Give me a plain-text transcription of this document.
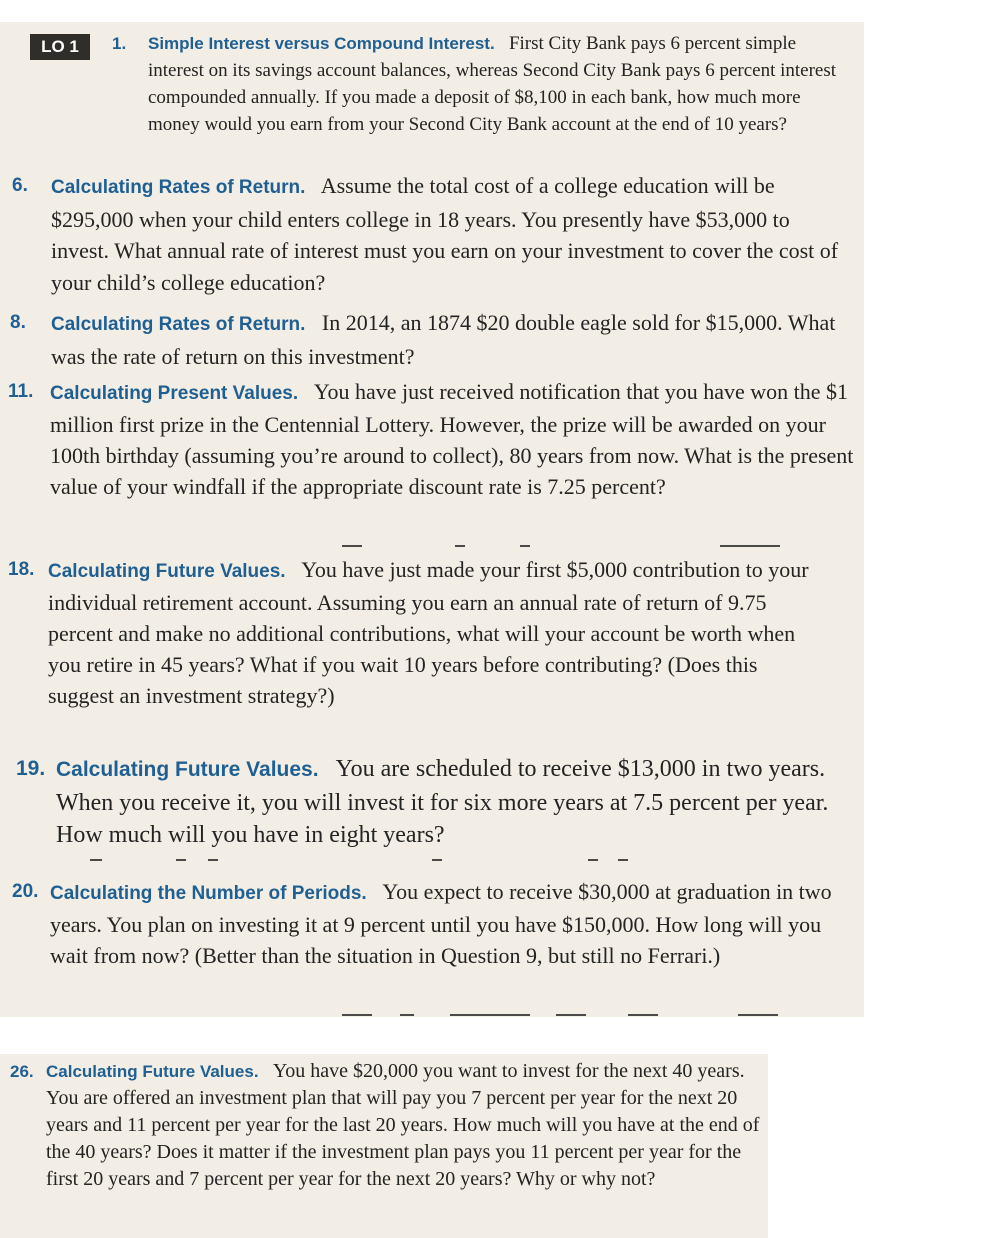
LO 1	1.	Simple Interest versus Compound Interest. First City Bank pays 6 percent simple interest on its savings account balances, whereas Second City Bank pays 6 percent interest compounded annually. If you made a deposit of $8,100 in each bank, how much more money would you earn from your Second City Bank account at the end of 10 years?
6.	Calculating Rates of Return. Assume the total cost of a college education will be $295,000 when your child enters college in 18 years. You presently have $53,000 to invest. What annual rate of interest must you earn on your investment to cover the cost of your child’s college education?
8.	Calculating Rates of Return. In 2014, an 1874 $20 double eagle sold for $15,000. What was the rate of return on this investment?
11. Calculating Present Values. You have just received notification that you have won the $1 million first prize in the Centennial Lottery. However, the prize will be awarded on your 100th birthday (assuming you’re around to collect), 80 years from now. What is the present value of your windfall if the appropriate discount rate is 7.25 percent?
18. Calculating Future Values. You have just made your first $5,000 contribution to your individual retirement account. Assuming you earn an annual rate of return of 9.75 percent and make no additional contributions, what will your account be worth when you retire in 45 years? What if you wait 10 years before contributing? (Does this suggest an investment strategy?)
19. Calculating Future Values. You are scheduled to receive $13,000 in two years. When you receive it, you will invest it for six more years at 7.5 percent per year. How much will you have in eight years?
20. Calculating the Number of Periods. You expect to receive $30,000 at graduation in two years. You plan on investing it at 9 percent until you have $150,000. How long will you wait from now? (Better than the situation in Question 9, but still no Ferrari.)
26. Calculating Future Values. You have $20,000 you want to invest for the next 40 years. You are offered an investment plan that will pay you 7 percent per year for the next 20 years and 11 percent per year for the last 20 years. How much will you have at the end of the 40 years? Does it matter if the investment plan pays you 11 percent per year for the first 20 years and 7 percent per year for the next 20 years? Why or why not?
